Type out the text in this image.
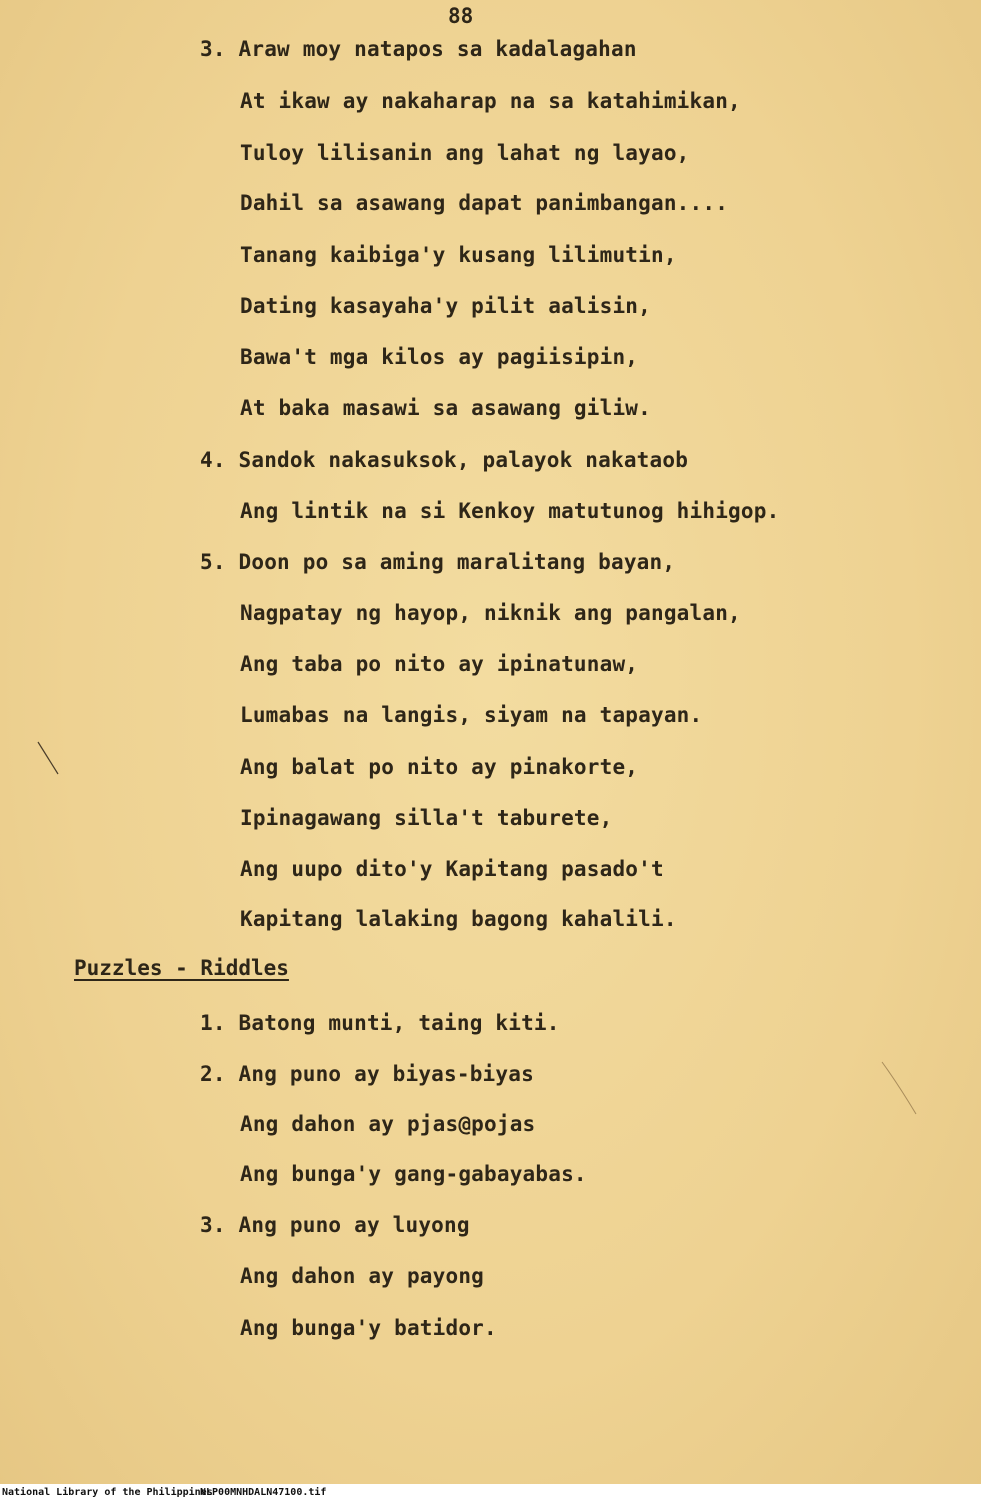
88
3. Araw moy natapos sa kadalagahan
At ikaw ay nakaharap na sa katahimikan,
Tuloy lilisanin ang lahat ng layao,
Dahil sa asawang dapat panimbangan....
Tanang kaibiga'y kusang lilimutin,
Dating kasayaha'y pilit aalisin,
Bawa't mga kilos ay pagiisipin,
At baka masawi sa asawang giliw.
4. Sandok nakasuksok, palayok nakataob
Ang lintik na si Kenkoy matutunog hihigop.
5. Doon po sa aming maralitang bayan,
Nagpatay ng hayop, niknik ang pangalan,
Ang taba po nito ay ipinatunaw,
Lumabas na langis, siyam na tapayan.
Ang balat po nito ay pinakorte,
Ipinagawang silla't taburete,
Ang uupo dito'y Kapitang pasado't
Kapitang lalaking bagong kahalili.
Puzzles - Riddles
1. Batong munti, taing kiti.
2. Ang puno ay biyas-biyas
Ang dahon ay pjas@pojas
Ang bunga'y gang-gabayabas.
3. Ang puno ay luyong
Ang dahon ay payong
Ang bunga'y batidor.
National Library of the Philippines
NLP00MNHDALN47100.tif
